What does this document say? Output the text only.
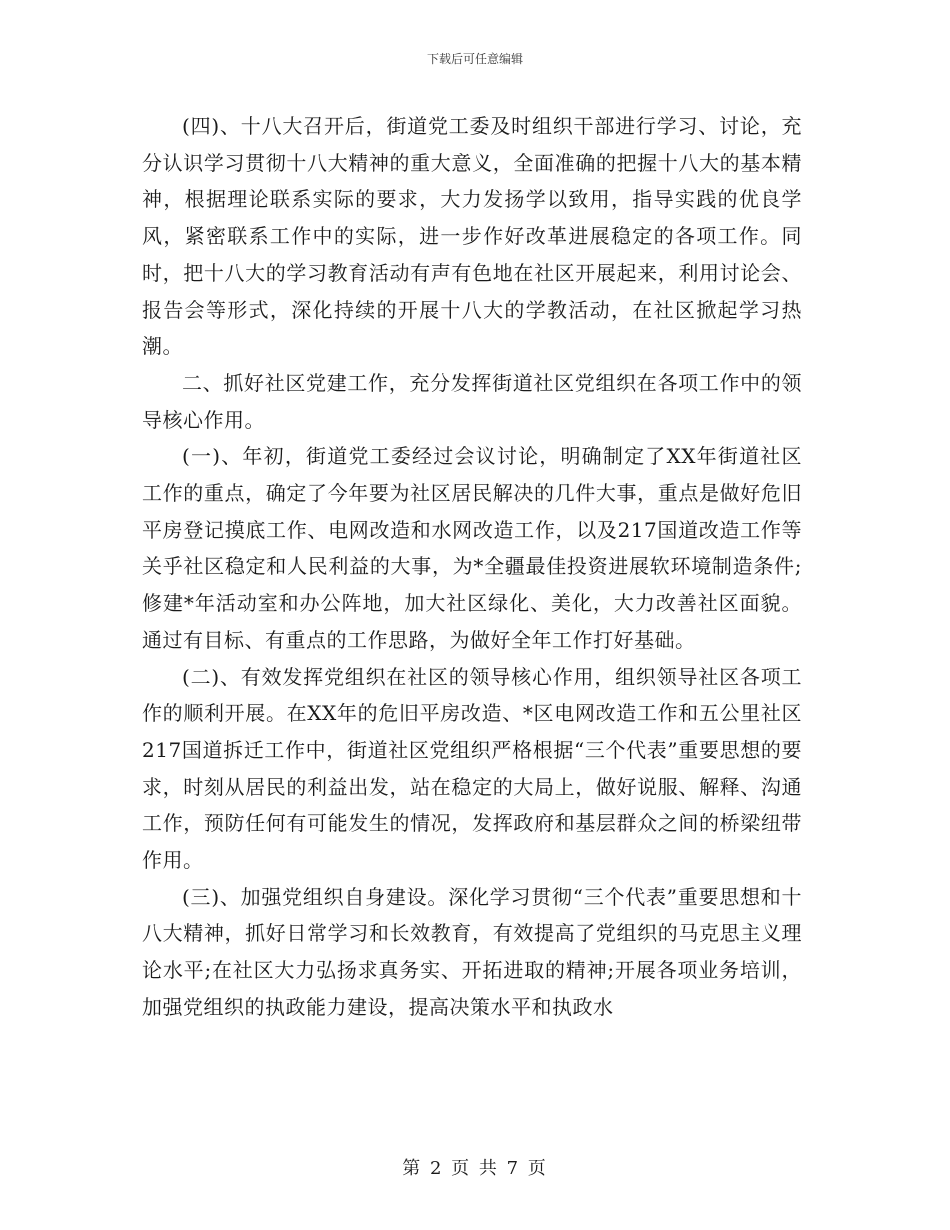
下载后可任意编辑

(四)、十八大召开后，街道党工委及时组织干部进行学习、讨论，充分认识学习贯彻十八大精神的重大意义，全面准确的把握十八大的基本精神，根据理论联系实际的要求，大力发扬学以致用，指导实践的优良学风，紧密联系工作中的实际，进一步作好改革进展稳定的各项工作。同时，把十八大的学习教育活动有声有色地在社区开展起来，利用讨论会、报告会等形式，深化持续的开展十八大的学教活动，在社区掀起学习热潮。

二、抓好社区党建工作，充分发挥街道社区党组织在各项工作中的领导核心作用。

(一)、年初，街道党工委经过会议讨论，明确制定了XX年街道社区工作的重点，确定了今年要为社区居民解决的几件大事，重点是做好危旧平房登记摸底工作、电网改造和水网改造工作，以及217国道改造工作等关乎社区稳定和人民利益的大事，为*全疆最佳投资进展软环境制造条件;修建*年活动室和办公阵地，加大社区绿化、美化，大力改善社区面貌。通过有目标、有重点的工作思路，为做好全年工作打好基础。

(二)、有效发挥党组织在社区的领导核心作用，组织领导社区各项工作的顺利开展。在XX年的危旧平房改造、*区电网改造工作和五公里社区217国道拆迁工作中，街道社区党组织严格根据“三个代表”重要思想的要求，时刻从居民的利益出发，站在稳定的大局上，做好说服、解释、沟通工作，预防任何有可能发生的情况，发挥政府和基层群众之间的桥梁纽带作用。

(三)、加强党组织自身建设。深化学习贯彻“三个代表”重要思想和十八大精神，抓好日常学习和长效教育，有效提高了党组织的马克思主义理论水平;在社区大力弘扬求真务实、开拓进取的精神;开展各项业务培训，加强党组织的执政能力建设，提高决策水平和执政水

第 2 页 共 7 页
